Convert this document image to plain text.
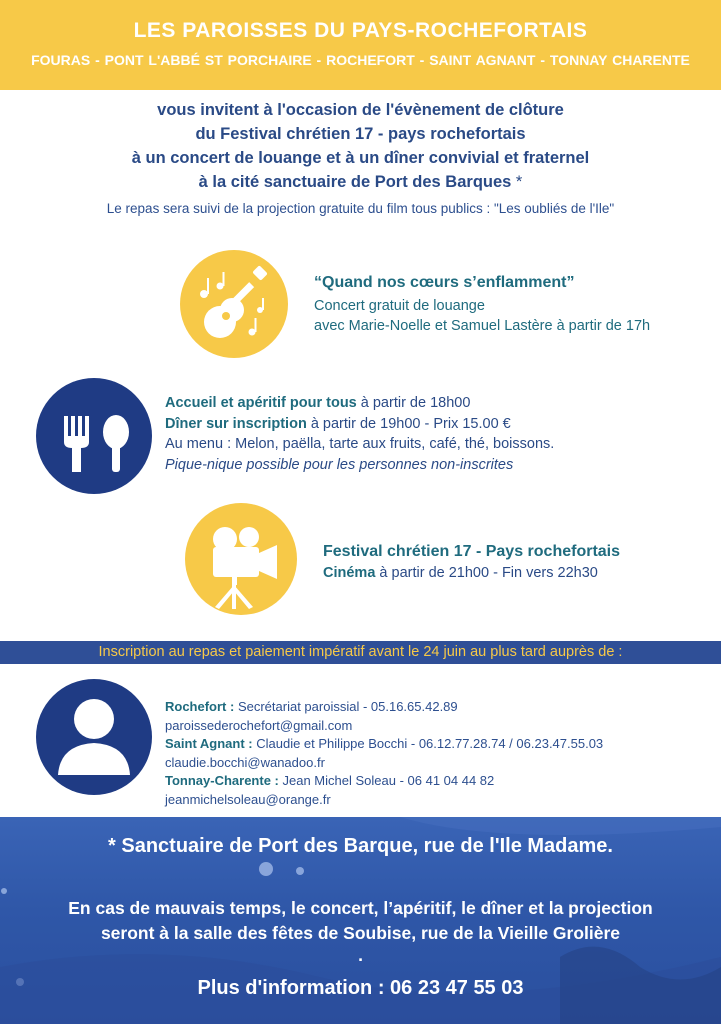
LES PAROISSES DU PAYS-ROCHEFORTAIS
FOURAS - PONT L'ABBÉ ST PORCHAIRE - ROCHEFORT - SAINT AGNANT - TONNAY CHARENTE
vous invitent à l'occasion de l'évènement de clôture
du Festival chrétien 17 - pays rochefortais
à un concert de louange et à un dîner convivial et fraternel
à la cité sanctuaire de Port des Barques *
Le repas sera suivi de la projection gratuite du film tous publics : "Les oubliés de l'Ile"
“Quand nos cœurs s’enflamment”
Concert gratuit de louange
avec Marie-Noelle et Samuel Lastère à partir de 17h
Accueil et apéritif pour tous à partir de 18h00
Dîner sur inscription à partir de 19h00 - Prix 15.00 €
Au menu : Melon, paëlla, tarte aux fruits, café, thé, boissons.
Pique-nique possible pour les personnes non-inscrites
Festival chrétien 17 - Pays rochefortais
Cinéma à partir de 21h00 - Fin vers 22h30
Inscription au repas et paiement impératif avant le 24 juin au plus tard auprès de :
Rochefort : Secrétariat paroissial - 05.16.65.42.89
paroissederochefort@gmail.com
Saint Agnant : Claudie et Philippe Bocchi - 06.12.77.28.74 / 06.23.47.55.03
claudie.bocchi@wanadoo.fr
Tonnay-Charente : Jean Michel Soleau - 06 41 04 44 82
jeanmichelsoleau@orange.fr
* Sanctuaire de Port des Barque, rue de l'Ile Madame.
En cas de mauvais temps, le concert, l’apéritif, le dîner et la projection
seront à la salle des fêtes de Soubise, rue de la Vieille Grolière
.
Plus d'information : 06 23 47 55 03
